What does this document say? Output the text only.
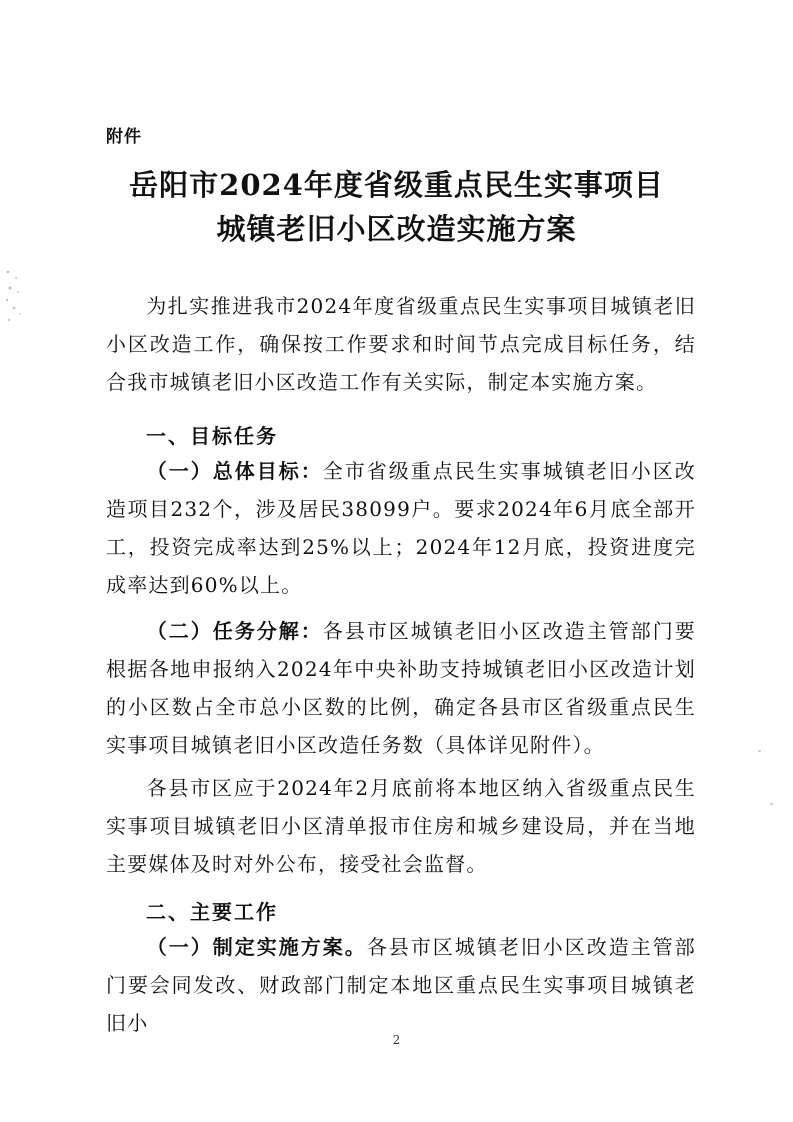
附件
岳阳市2024年度省级重点民生实事项目
城镇老旧小区改造实施方案
为扎实推进我市2024年度省级重点民生实事项目城镇老旧小区改造工作，确保按工作要求和时间节点完成目标任务，结合我市城镇老旧小区改造工作有关实际，制定本实施方案。
一、目标任务
（一）总体目标：全市省级重点民生实事城镇老旧小区改造项目232个，涉及居民38099户。要求2024年6月底全部开工，投资完成率达到25%以上；2024年12月底，投资进度完成率达到60%以上。
（二）任务分解：各县市区城镇老旧小区改造主管部门要根据各地申报纳入2024年中央补助支持城镇老旧小区改造计划的小区数占全市总小区数的比例，确定各县市区省级重点民生实事项目城镇老旧小区改造任务数（具体详见附件）。
各县市区应于2024年2月底前将本地区纳入省级重点民生实事项目城镇老旧小区清单报市住房和城乡建设局，并在当地主要媒体及时对外公布，接受社会监督。
二、主要工作
（一）制定实施方案。各县市区城镇老旧小区改造主管部门要会同发改、财政部门制定本地区重点民生实事项目城镇老旧小
2
